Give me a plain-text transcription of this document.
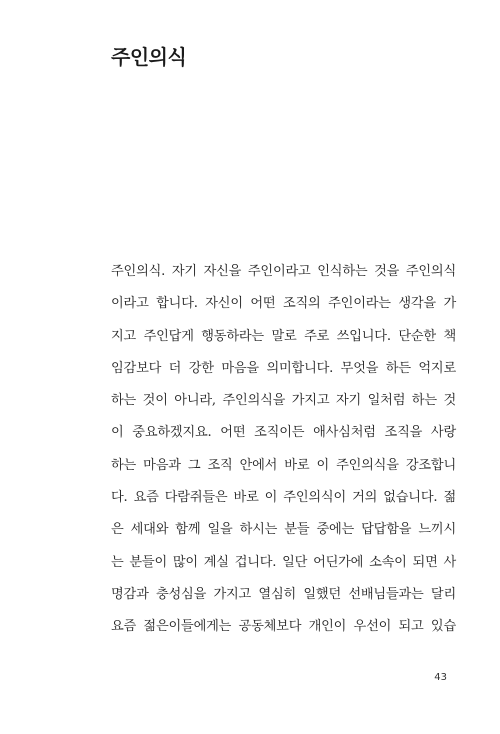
주인의식
주인의식. 자기 자신을 주인이라고 인식하는 것을 주인의식
이라고 합니다. 자신이 어떤 조직의 주인이라는 생각을 가
지고 주인답게 행동하라는 말로 주로 쓰입니다. 단순한 책
임감보다 더 강한 마음을 의미합니다. 무엇을 하든 억지로
하는 것이 아니라, 주인의식을 가지고 자기 일처럼 하는 것
이 중요하겠지요. 어떤 조직이든 애사심처럼 조직을 사랑
하는 마음과 그 조직 안에서 바로 이 주인의식을 강조합니
다. 요즘 다람쥐들은 바로 이 주인의식이 거의 없습니다. 젊
은 세대와 함께 일을 하시는 분들 중에는 답답함을 느끼시
는 분들이 많이 계실 겁니다. 일단 어딘가에 소속이 되면 사
명감과 충성심을 가지고 열심히 일했던 선배님들과는 달리
요즘 젊은이들에게는 공동체보다 개인이 우선이 되고 있습
43
